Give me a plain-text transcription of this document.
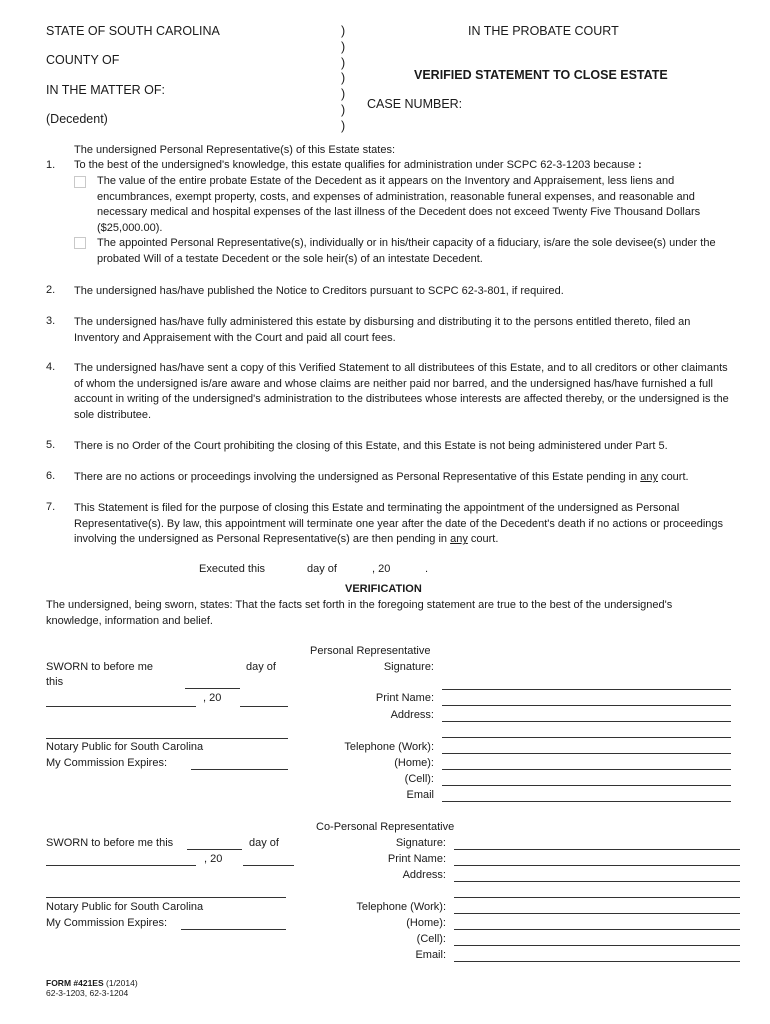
STATE OF SOUTH CAROLINA
COUNTY OF
IN THE MATTER OF:
(Decedent)
)
)
)
)
)
)
)
IN THE PROBATE COURT
VERIFIED STATEMENT TO CLOSE ESTATE
CASE NUMBER:
The undersigned Personal Representative(s) of this Estate states:
1. To the best of the undersigned's knowledge, this estate qualifies for administration under SCPC 62-3-1203 because :
The value of the entire probate Estate of the Decedent as it appears on the Inventory and Appraisement, less liens and encumbrances, exempt property, costs, and expenses of administration, reasonable funeral expenses, and reasonable and necessary medical and hospital expenses of the last illness of the Decedent does not exceed Twenty Five Thousand Dollars ($25,000.00).
The appointed Personal Representative(s), individually or in his/their capacity of a fiduciary, is/are the sole devisee(s) under the probated Will of a testate Decedent or the sole heir(s) of an intestate Decedent.
2. The undersigned has/have published the Notice to Creditors pursuant to SCPC 62-3-801, if required.
3. The undersigned has/have fully administered this estate by disbursing and distributing it to the persons entitled thereto, filed an Inventory and Appraisement with the Court and paid all court fees.
4. The undersigned has/have sent a copy of this Verified Statement to all distributees of this Estate, and to all creditors or other claimants of whom the undersigned is/are aware and whose claims are neither paid nor barred, and the undersigned has/have furnished a full account in writing of the undersigned's administration to the distributees whose interests are affected thereby, or the undersigned is the sole distributee.
5. There is no Order of the Court prohibiting the closing of this Estate, and this Estate is not being administered under Part 5.
6. There are no actions or proceedings involving the undersigned as Personal Representative of this Estate pending in any court.
7. This Statement is filed for the purpose of closing this Estate and terminating the appointment of the undersigned as Personal Representative(s). By law, this appointment will terminate one year after the date of the Decedent's death if no actions or proceedings involving the undersigned as Personal Representative(s) are then pending in any court.
Executed this	day of	, 20	.
VERIFICATION
The undersigned, being sworn, states: That the facts set forth in the foregoing statement are true to the best of the undersigned's knowledge, information and belief.
Personal Representative
Signature:
Print Name:
Address:
Telephone (Work):
(Home):
(Cell):
Email
SWORN to before me	day of
this
, 20
Notary Public for South Carolina
My Commission Expires:
Co-Personal Representative
Signature:
Print Name:
Address:
Telephone (Work):
(Home):
(Cell):
Email:
SWORN to before me this	day of
, 20
Notary Public for South Carolina
My Commission Expires:
FORM #421ES (1/2014)
62-3-1203, 62-3-1204
